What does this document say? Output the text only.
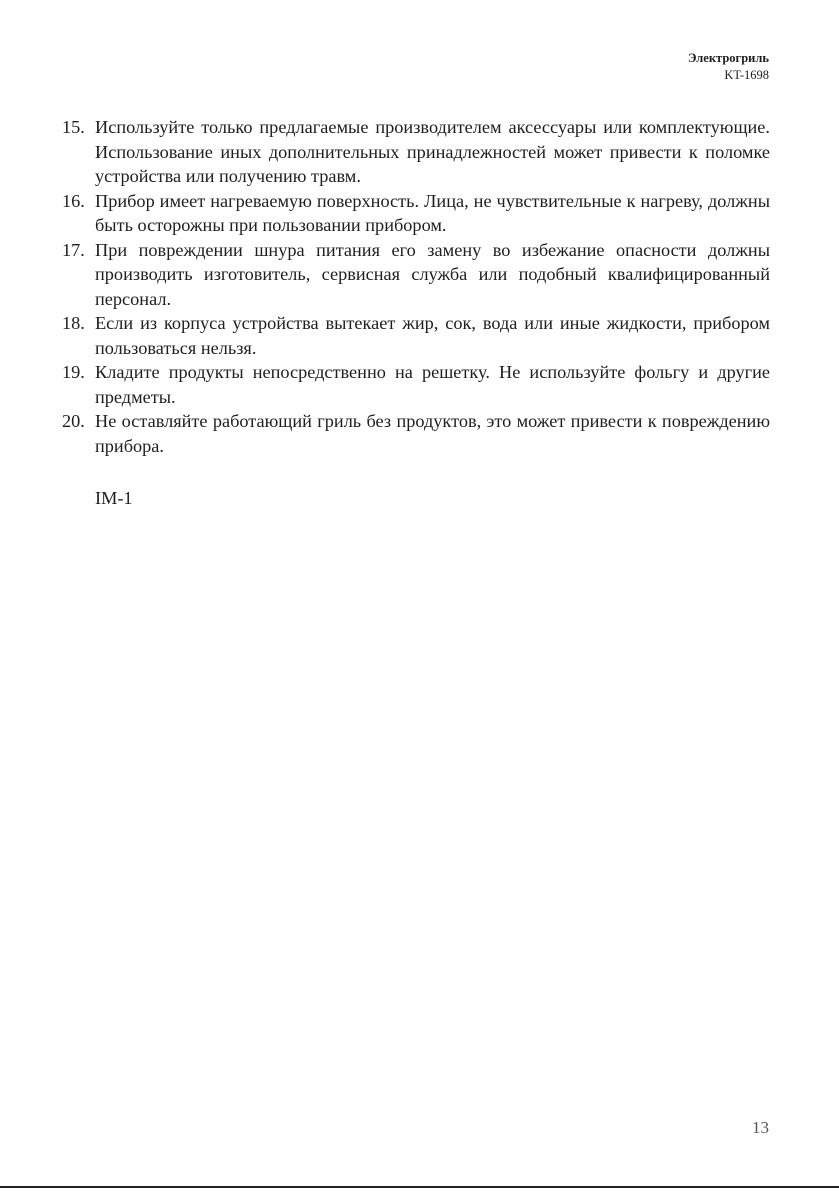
Электрогриль
KT-1698
15. Используйте только предлагаемые производителем аксессуары или комплектующие. Использование иных дополнительных принадлежностей может привести к поломке устройства или получению травм.
16. Прибор имеет нагреваемую поверхность. Лица, не чувствительные к нагреву, должны быть осторожны при пользовании прибором.
17. При повреждении шнура питания его замену во избежание опасности должны производить изготовитель, сервисная служба или подобный квалифицированный персонал.
18. Если из корпуса устройства вытекает жир, сок, вода или иные жидкости, прибором пользоваться нельзя.
19. Кладите продукты непосредственно на решетку. Не используйте фольгу и другие предметы.
20. Не оставляйте работающий гриль без продуктов, это может привести к повреждению прибора.
IM-1
13
